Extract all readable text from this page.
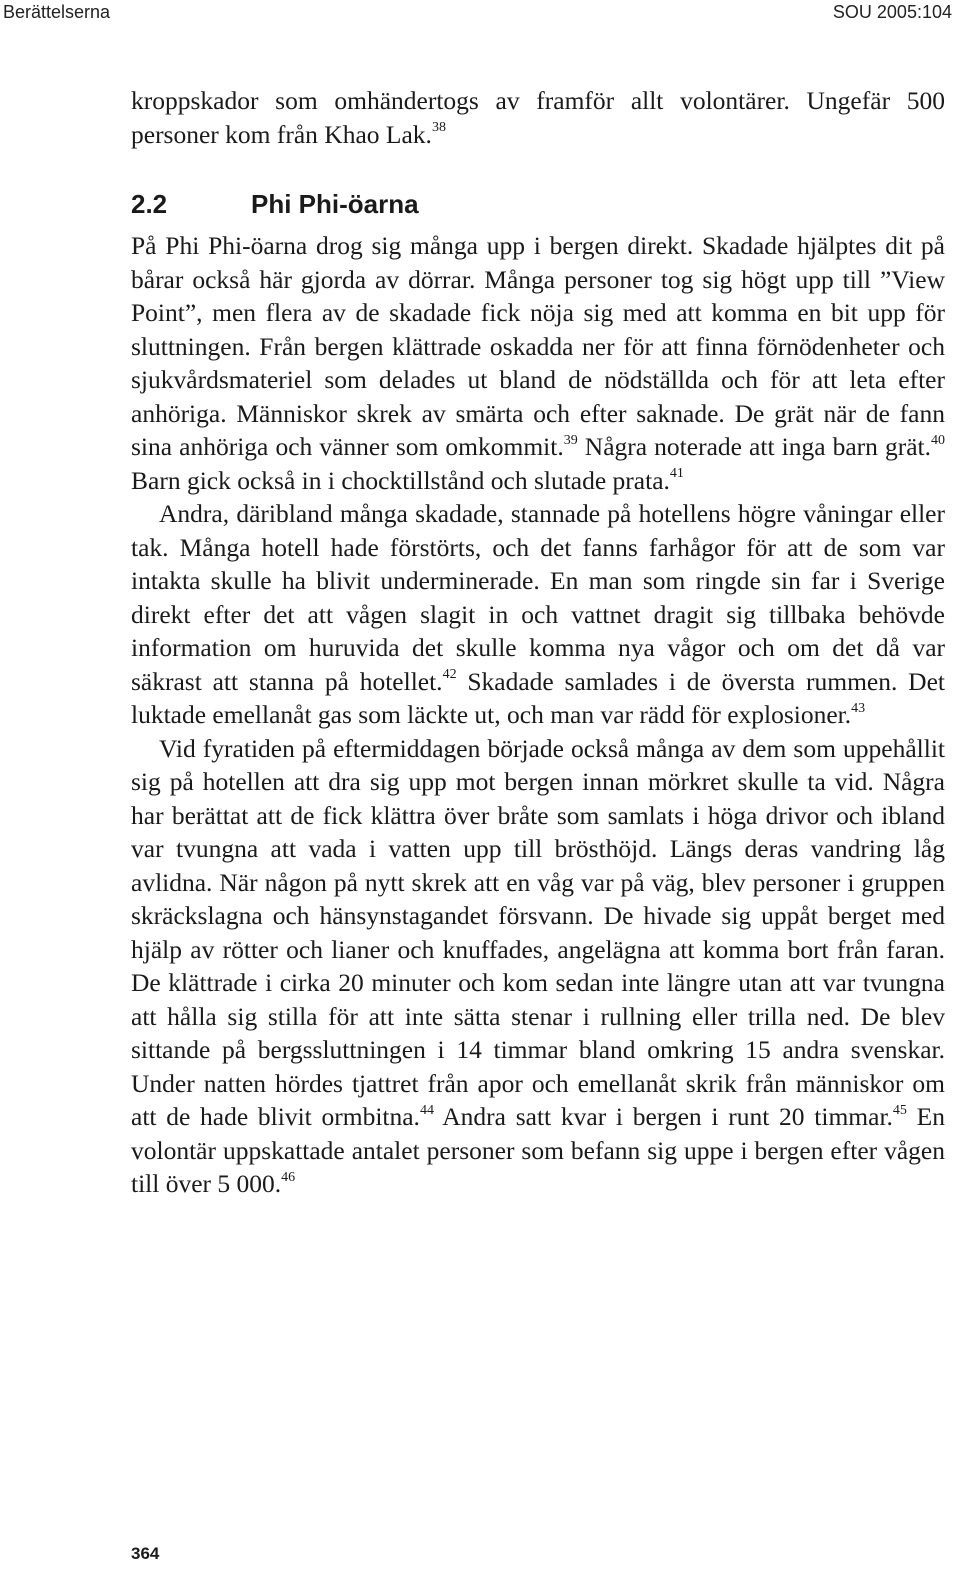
Berättelserna	SOU 2005:104

kroppskador som omhändertogs av framför allt volontärer. Ungefär 500 personer kom från Khao Lak.$^{38}$

2.2	Phi Phi-öarna

På Phi Phi-öarna drog sig många upp i bergen direkt. Skadade hjälptes dit på bårar också här gjorda av dörrar. Många personer tog sig högt upp till ”View Point”, men flera av de skadade fick nöja sig med att komma en bit upp för sluttningen. Från bergen klättrade oskadda ner för att finna förnödenheter och sjukvårdsmateriel som delades ut bland de nödställda och för att leta efter anhöriga. Människor skrek av smärta och efter saknade. De grät när de fann sina anhöriga och vänner som omkommit.$^{39}$ Några noterade att inga barn grät.$^{40}$ Barn gick också in i chocktillstånd och slutade prata.$^{41}$

Andra, däribland många skadade, stannade på hotellens högre våningar eller tak. Många hotell hade förstörts, och det fanns farhågor för att de som var intakta skulle ha blivit underminerade. En man som ringde sin far i Sverige direkt efter det att vågen slagit in och vattnet dragit sig tillbaka behövde information om huruvida det skulle komma nya vågor och om det då var säkrast att stanna på hotellet.$^{42}$ Skadade samlades i de översta rummen. Det luktade emellanåt gas som läckte ut, och man var rädd för explosioner.$^{43}$

Vid fyratiden på eftermiddagen började också många av dem som uppehållit sig på hotellen att dra sig upp mot bergen innan mörkret skulle ta vid. Några har berättat att de fick klättra över bråte som samlats i höga drivor och ibland var tvungna att vada i vatten upp till brösthöjd. Längs deras vandring låg avlidna. När någon på nytt skrek att en våg var på väg, blev personer i gruppen skräckslagna och hänsynstagandet försvann. De hivade sig uppåt berget med hjälp av rötter och lianer och knuffades, angelägna att komma bort från faran. De klättrade i cirka 20 minuter och kom sedan inte längre utan att var tvungna att hålla sig stilla för att inte sätta stenar i rullning eller trilla ned. De blev sittande på bergssluttningen i 14 timmar bland omkring 15 andra svenskar. Under natten hördes tjattret från apor och emellanåt skrik från människor om att de hade blivit ormbitna.$^{44}$ Andra satt kvar i bergen i runt 20 timmar.$^{45}$ En volontär uppskattade antalet personer som befann sig uppe i bergen efter vågen till över 5 000.46

364
